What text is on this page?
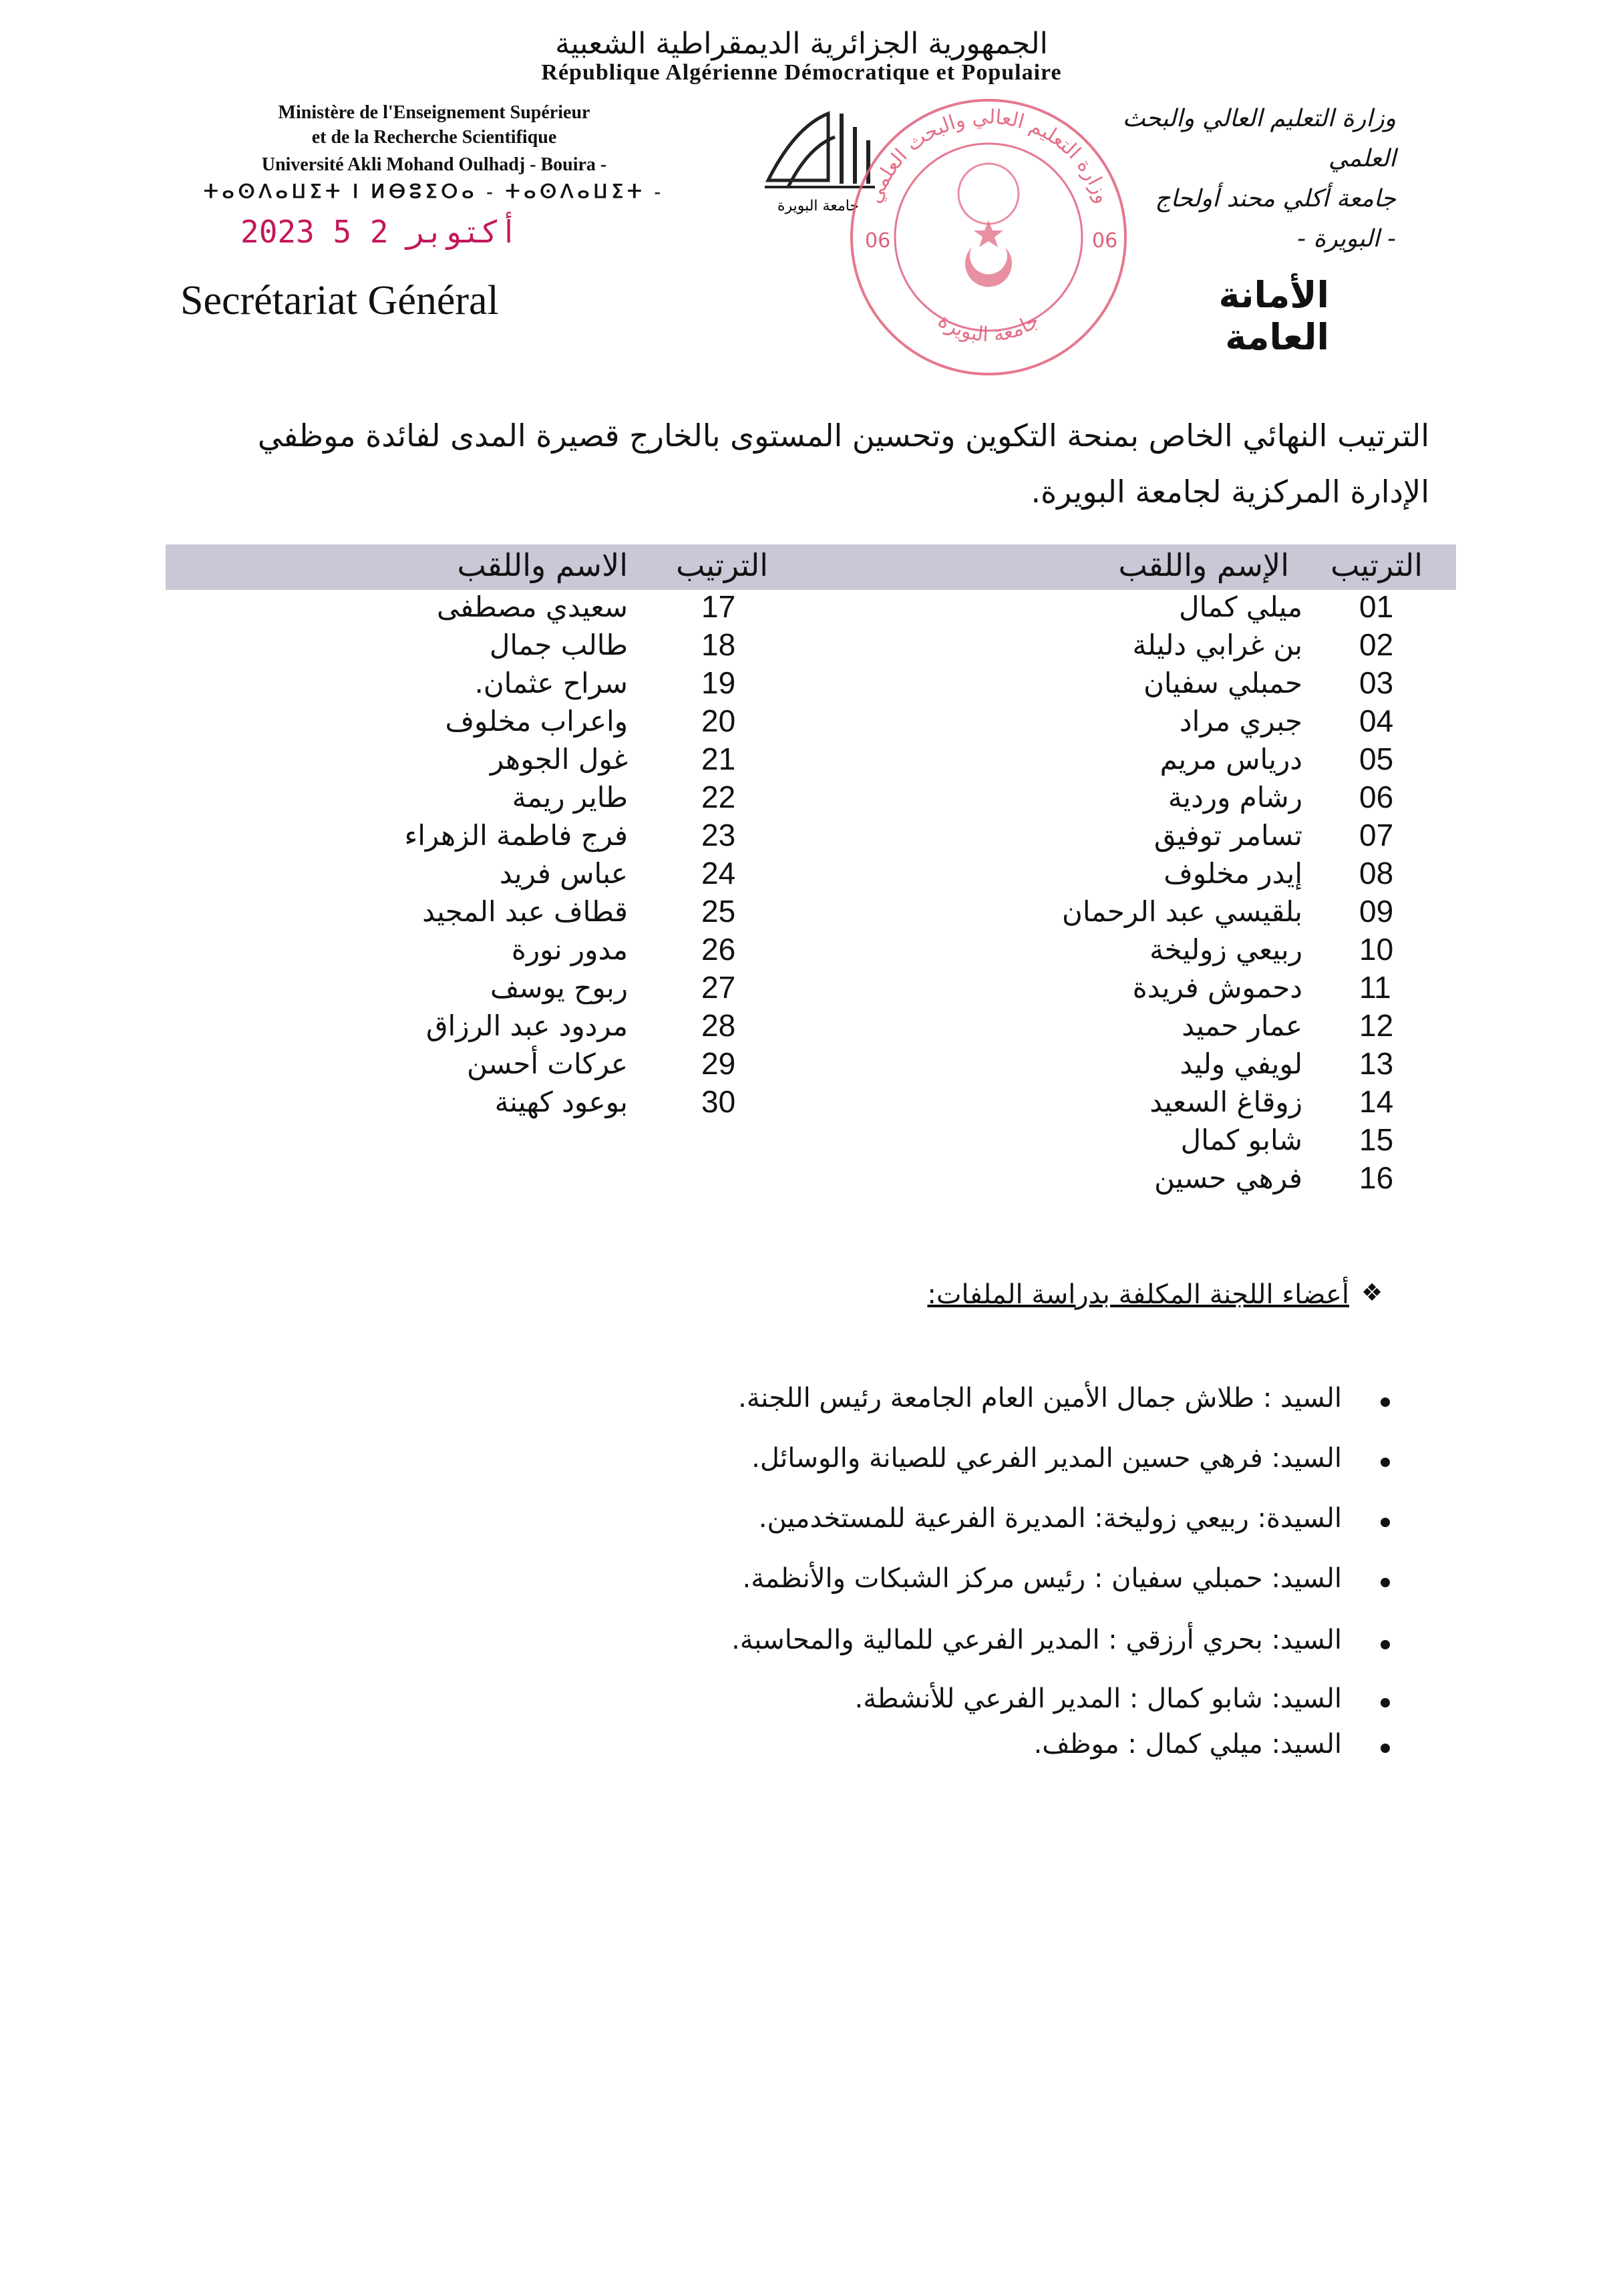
الجمهورية الجزائرية الديمقراطية الشعبية
République Algérienne Démocratique et Populaire
Ministère de l'Enseignement Supérieur
et de la Recherche Scientifique
Université Akli Mohand Oulhadj - Bouira -
ⵜⴰⵙⴷⴰⵡⵉⵜ ⵏ ⵍⴱⵓⵉⵔⴰ - ⵜⴰⵙⴷⴰⵡⵉⵜ -
وزارة التعليم العالي والبحث العلمي
جامعة أكلي محند أولحاج
- البويرة -
2023 أكتوبر 2 5
Secrétariat Général	الأمانة العامة
جامعة البويرة وزارة التعليم العالي والبحث العلمي
جامعة البويرة
06	06
الترتيب النهائي الخاص بمنحة التكوين وتحسين المستوى بالخارج قصيرة المدى لفائدة موظفي الإدارة المركزية لجامعة البويرة.
الترتيب
الإسم واللقب
الترتيب
الاسم واللقب
01
ميلي كمال
02
بن غرابي دليلة
03
حمبلي سفيان
04
جبري مراد
05
درياس مريم
06
رشام وردية
07
تسامر توفيق
08
إيدر مخلوف
09
بلقيسي عبد الرحمان
10
ربيعي زوليخة
11
دحموش فريدة
12
عمار حميد
13
لويفي وليد
14
زوقاغ السعيد
15
شابو كمال
16
فرهي حسين
17
سعيدي مصطفى
18
طالب جمال
19
سراح عثمان.
20
واعراب مخلوف
21
غول الجوهر
22
طاير ريمة
23
فرج فاطمة الزهراء
24
عباس فريد
25
قطاف عبد المجيد
26
مدور نورة
27
ربوح يوسف
28
مردود عبد الرزاق
29
عركات أحسن
30
بوعود كهينة
❖
أعضاء اللجنة المكلفة بدراسة الملفات:
السيد : طلاش جمال الأمين العام الجامعة رئيس اللجنة.
السيد: فرهي حسين المدير الفرعي للصيانة والوسائل.
السيدة: ربيعي زوليخة: المديرة الفرعية للمستخدمين.
السيد: حمبلي سفيان : رئيس مركز الشبكات والأنظمة.
السيد: بحري أرزقي : المدير الفرعي للمالية والمحاسبة.
السيد: شابو كمال : المدير الفرعي للأنشطة.
السيد: ميلي كمال : موظف.
